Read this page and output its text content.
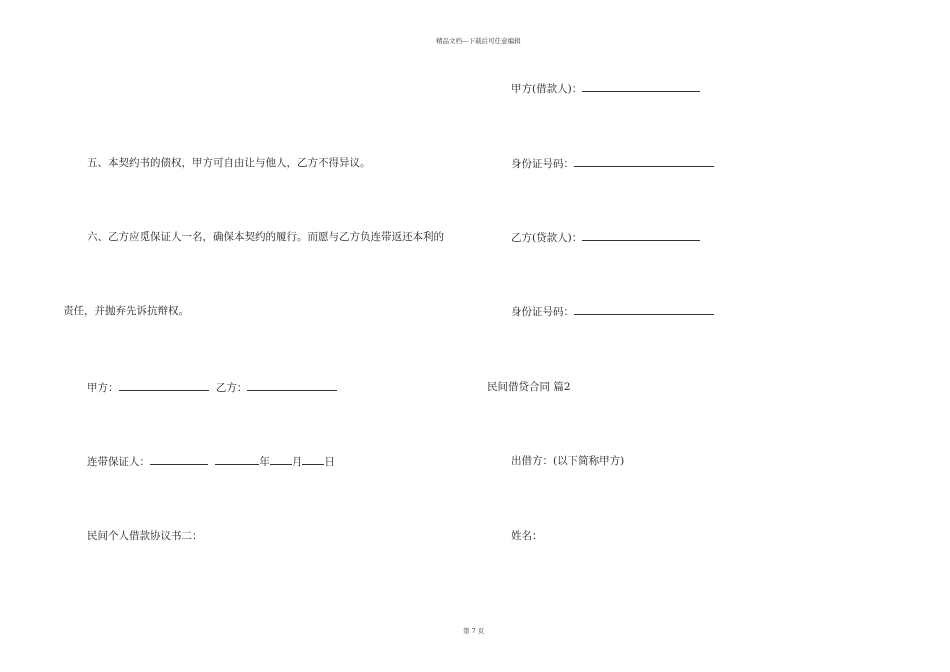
精品文档---下载后可任意编辑
五、本契约书的债权，甲方可自由让与他人，乙方不得异议。
六、乙方应觅保证人一名，确保本契约的履行。而愿与乙方负连带返还本利的
责任，并抛弃先诉抗辩权。
甲方：	乙方：
连带保证人：	年 月 日
民间个人借款协议书二：
甲方(借款人)：
身份证号码：
乙方(贷款人)：
身份证号码：
民间借贷合同 篇2
出借方：(以下简称甲方)
姓名：
第 7 页
